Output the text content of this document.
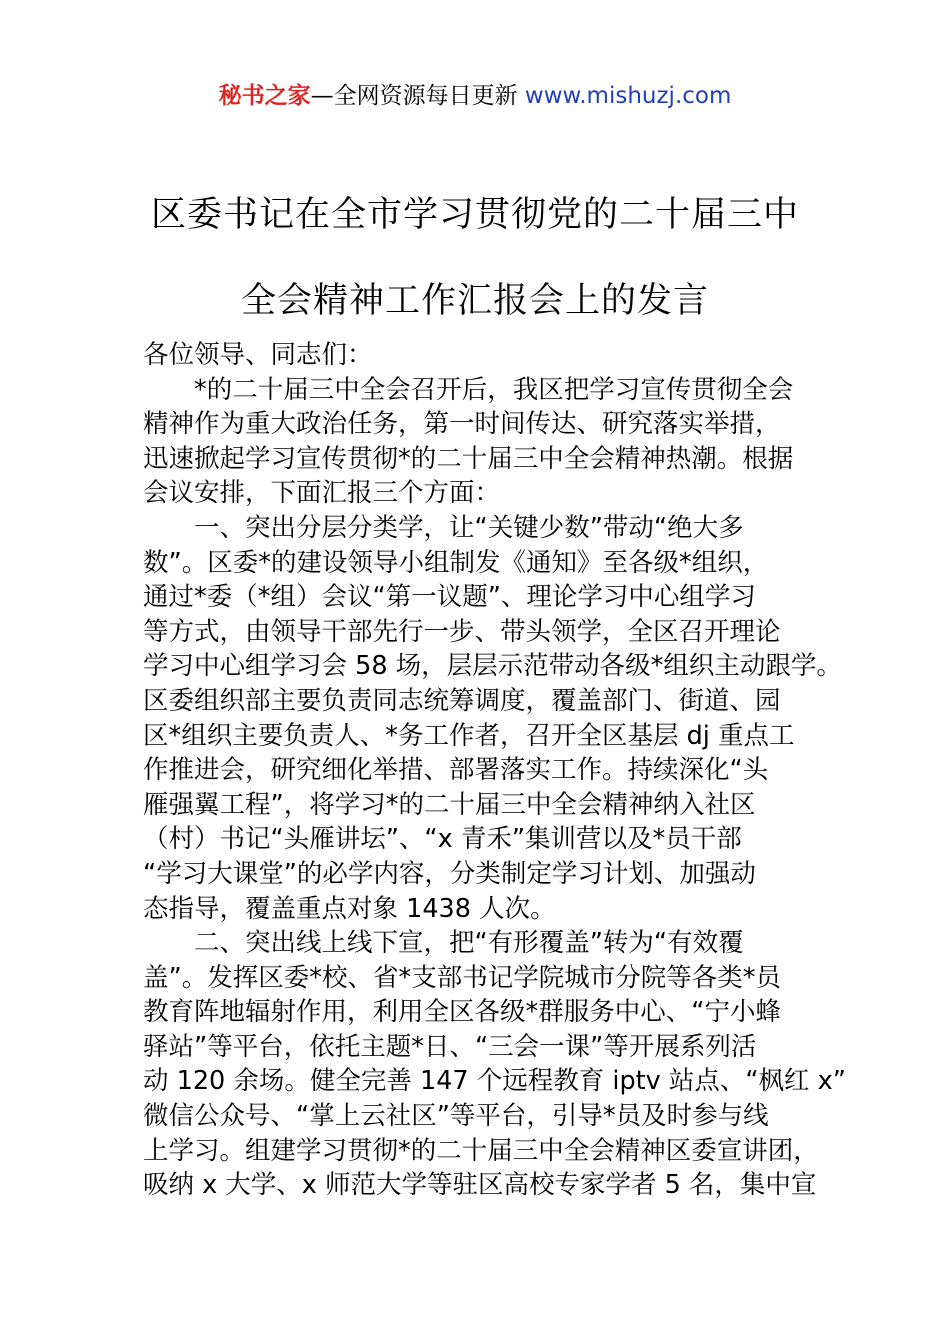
秘书之家—全网资源每日更新 www.mishuzj.com
区委书记在全市学习贯彻党的二十届三中
全会精神工作汇报会上的发言
各位领导、同志们：
*的二十届三中全会召开后，我区把学习宣传贯彻全会
精神作为重大政治任务，第一时间传达、研究落实举措，
迅速掀起学习宣传贯彻*的二十届三中全会精神热潮。根据
会议安排，下面汇报三个方面：
一、突出分层分类学，让“关键少数”带动“绝大多
数”。区委*的建设领导小组制发《通知》至各级*组织，
通过*委（*组）会议“第一议题”、理论学习中心组学习
等方式，由领导干部先行一步、带头领学，全区召开理论
学习中心组学习会 58 场，层层示范带动各级*组织主动跟学。
区委组织部主要负责同志统筹调度，覆盖部门、街道、园
区*组织主要负责人、*务工作者，召开全区基层 dj 重点工
作推进会，研究细化举措、部署落实工作。持续深化“头
雁强翼工程”，将学习*的二十届三中全会精神纳入社区
（村）书记“头雁讲坛”、“x 青禾”集训营以及*员干部
“学习大课堂”的必学内容，分类制定学习计划、加强动
态指导，覆盖重点对象 1438 人次。
二、突出线上线下宣，把“有形覆盖”转为“有效覆
盖”。发挥区委*校、省*支部书记学院城市分院等各类*员
教育阵地辐射作用，利用全区各级*群服务中心、“宁小蜂
驿站”等平台，依托主题*日、“三会一课”等开展系列活
动 120 余场。健全完善 147 个远程教育 iptv 站点、“枫红 x”
微信公众号、“掌上云社区”等平台，引导*员及时参与线
上学习。组建学习贯彻*的二十届三中全会精神区委宣讲团，
吸纳 x 大学、x 师范大学等驻区高校专家学者 5 名，集中宣
